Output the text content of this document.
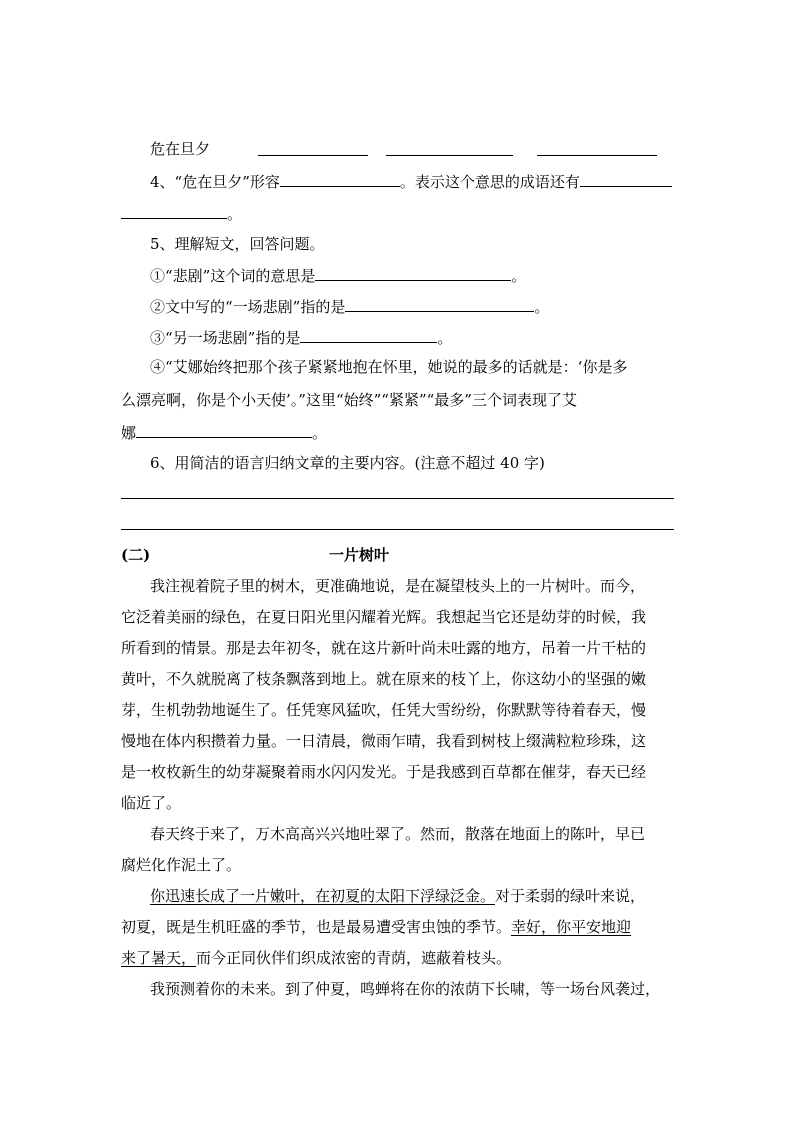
危在旦夕
4、“危在旦夕”形容	。表示这个意思的成语还有
。
5、理解短文，回答问题。
①“悲剧”这个词的意思是	。
②文中写的“一场悲剧”指的是	。
③“另一场悲剧”指的是	。
④“艾娜始终把那个孩子紧紧地抱在怀里，她说的最多的话就是：‘你是多
么漂亮啊，你是个小天使’。”这里“始终”“紧紧”“最多”三个词表现了艾
娜	。
6、用简洁的语言归纳文章的主要内容。(注意不超过 40 字)
(二)	一片树叶
我注视着院子里的树木，更准确地说，是在凝望枝头上的一片树叶。而今，
它泛着美丽的绿色，在夏日阳光里闪耀着光辉。我想起当它还是幼芽的时候，我
所看到的情景。那是去年初冬，就在这片新叶尚未吐露的地方，吊着一片干枯的
黄叶，不久就脱离了枝条飘落到地上。就在原来的枝丫上，你这幼小的坚强的嫩
芽，生机勃勃地诞生了。任凭寒风猛吹，任凭大雪纷纷，你默默等待着春天，慢
慢地在体内积攒着力量。一日清晨，微雨乍晴，我看到树枝上缀满粒粒珍珠，这
是一枚枚新生的幼芽凝聚着雨水闪闪发光。于是我感到百草都在催芽，春天已经
临近了。
春天终于来了，万木高高兴兴地吐翠了。然而，散落在地面上的陈叶，早已
腐烂化作泥土了。
你迅速长成了一片嫩叶，在初夏的太阳下浮绿泛金。对于柔弱的绿叶来说，
初夏，既是生机旺盛的季节，也是最易遭受害虫蚀的季节。幸好，你平安地迎
来了暑天，而今正同伙伴们织成浓密的青荫，遮蔽着枝头。
我预测着你的未来。到了仲夏，鸣蝉将在你的浓荫下长啸，等一场台风袭过，
